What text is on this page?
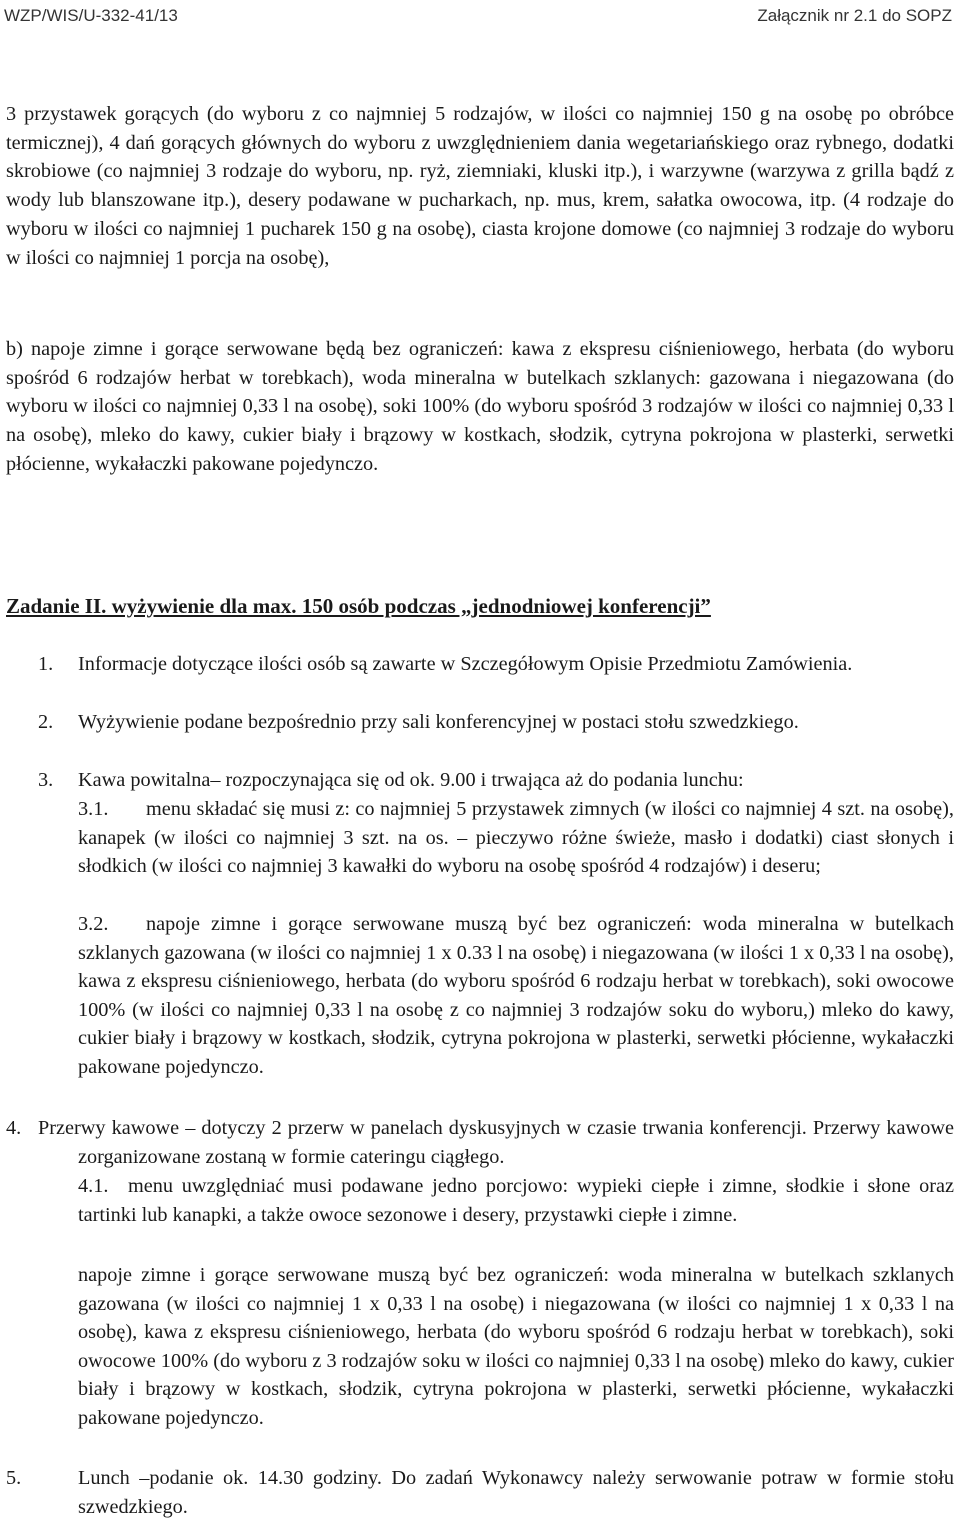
WZP/WIS/U-332-41/13	Załącznik nr 2.1 do SOPZ
3 przystawek gorących (do wyboru z co najmniej 5 rodzajów, w ilości co najmniej 150 g na osobę po obróbce termicznej), 4 dań gorących głównych do wyboru z uwzględnieniem dania wegetariańskiego oraz rybnego, dodatki skrobiowe (co najmniej 3 rodzaje do wyboru, np. ryż, ziemniaki, kluski itp.), i warzywne (warzywa z grilla bądź z wody lub blanszowane itp.), desery podawane w pucharkach, np. mus, krem, sałatka owocowa, itp. (4 rodzaje do wyboru w ilości co najmniej 1 pucharek 150 g na osobę), ciasta krojone domowe (co najmniej 3 rodzaje do wyboru w ilości co najmniej 1 porcja na osobę),
b) napoje zimne i gorące serwowane będą bez ograniczeń: kawa z ekspresu ciśnieniowego, herbata (do wyboru spośród 6 rodzajów herbat w torebkach), woda mineralna w butelkach szklanych: gazowana i niegazowana (do wyboru w ilości co najmniej 0,33 l na osobę), soki 100% (do wyboru spośród 3 rodzajów w ilości co najmniej 0,33 l na osobę), mleko do kawy, cukier biały i brązowy w kostkach, słodzik, cytryna pokrojona w plasterki, serwetki płócienne, wykałaczki pakowane pojedynczo.
Zadanie II. wyżywienie dla max. 150 osób podczas „jednodniowej konferencji”
1.	Informacje dotyczące ilości osób są zawarte w Szczegółowym Opisie Przedmiotu Zamówienia.
2.	Wyżywienie podane bezpośrednio przy sali konferencyjnej w postaci stołu szwedzkiego.
3.	Kawa powitalna– rozpoczynająca się od ok. 9.00 i trwająca aż do podania lunchu:
3.1.	menu składać się musi z: co najmniej 5 przystawek zimnych (w ilości co najmniej 4 szt. na osobę), kanapek (w ilości co najmniej 3 szt. na os. – pieczywo różne świeże, masło i dodatki) ciast słonych i słodkich (w ilości co najmniej 3 kawałki do wyboru na osobę spośród 4 rodzajów) i deseru;
3.2.	napoje zimne i gorące serwowane muszą być bez ograniczeń: woda mineralna w butelkach szklanych gazowana (w ilości co najmniej 1 x 0.33 l na osobę) i niegazowana (w ilości 1 x 0,33 l na osobę), kawa z ekspresu ciśnieniowego, herbata (do wyboru spośród 6 rodzaju herbat w torebkach), soki owocowe 100% (w ilości co najmniej 0,33 l na osobę z co najmniej 3 rodzajów soku do wyboru,) mleko do kawy, cukier biały i brązowy w kostkach, słodzik, cytryna pokrojona w plasterki, serwetki płócienne, wykałaczki pakowane pojedynczo.
4. Przerwy kawowe – dotyczy 2 przerw w panelach dyskusyjnych w czasie trwania konferencji. Przerwy kawowe zorganizowane zostaną w formie cateringu ciągłego.
4.1. menu uwzględniać musi podawane jedno porcjowo: wypieki ciepłe i zimne, słodkie i słone oraz tartinki lub kanapki, a także owoce sezonowe i desery, przystawki ciepłe i zimne.
napoje zimne i gorące serwowane muszą być bez ograniczeń: woda mineralna w butelkach szklanych gazowana (w ilości co najmniej 1 x 0,33 l na osobę) i niegazowana (w ilości co najmniej 1 x 0,33 l na osobę), kawa z ekspresu ciśnieniowego, herbata (do wyboru spośród 6 rodzaju herbat w torebkach), soki owocowe 100% (do wyboru z 3 rodzajów soku w ilości co najmniej 0,33 l na osobę) mleko do kawy, cukier biały i brązowy w kostkach, słodzik, cytryna pokrojona w plasterki, serwetki płócienne, wykałaczki pakowane pojedynczo.
5.	Lunch –podanie ok. 14.30 godziny. Do zadań Wykonawcy należy serwowanie potraw w formie stołu szwedzkiego.
